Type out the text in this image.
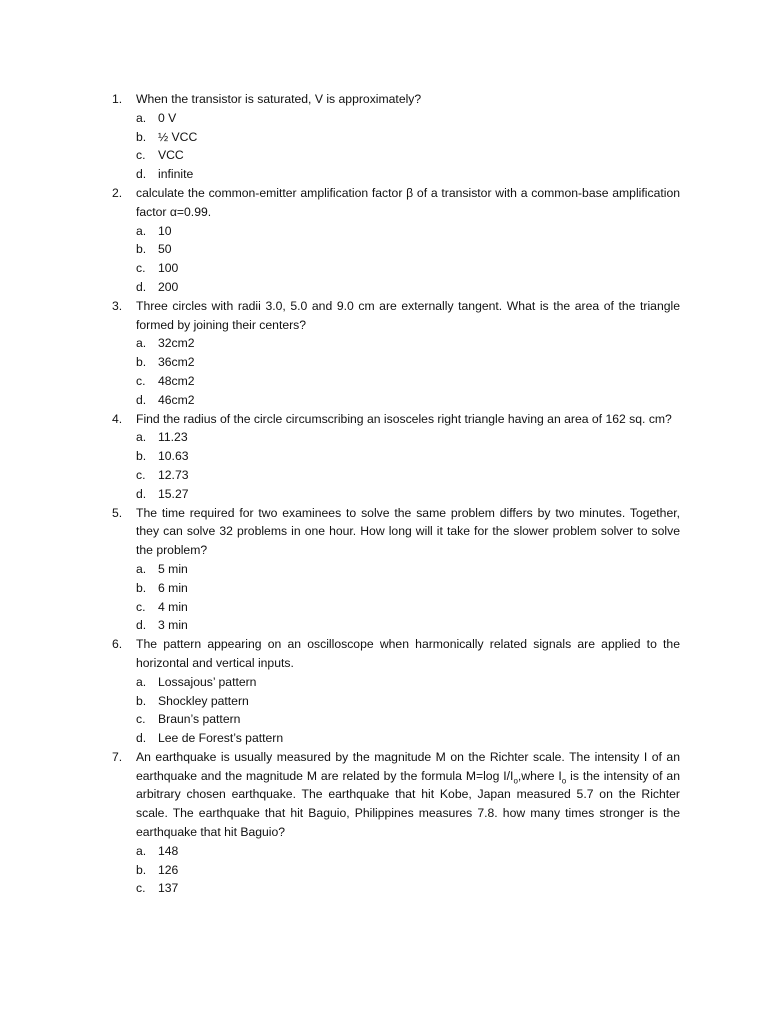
1.	When the transistor is saturated, V is approximately?
a. 0 V
b. ½ VCC
c. VCC
d. infinite
2.	calculate the common-emitter amplification factor β of a transistor with a common-base amplification factor α=0.99.
a. 10
b. 50
c. 100
d. 200
3.	Three circles with radii 3.0, 5.0 and 9.0 cm are externally tangent. What is the area of the triangle formed by joining their centers?
a. 32cm2
b. 36cm2
c. 48cm2
d. 46cm2
4.	Find the radius of the circle circumscribing an isosceles right triangle having an area of 162 sq. cm?
a. 11.23
b. 10.63
c. 12.73
d. 15.27
5.	The time required for two examinees to solve the same problem differs by two minutes. Together, they can solve 32 problems in one hour. How long will it take for the slower problem solver to solve the problem?
a. 5 min
b. 6 min
c. 4 min
d. 3 min
6.	The pattern appearing on an oscilloscope when harmonically related signals are applied to the horizontal and vertical inputs.
a. Lossajous’ pattern
b. Shockley pattern
c. Braun’s pattern
d. Lee de Forest’s pattern
7.	An earthquake is usually measured by the magnitude M on the Richter scale. The intensity I of an earthquake and the magnitude M are related by the formula M=log $I/I_o,where$ $I_o$ is the intensity of an arbitrary chosen earthquake. The earthquake that hit Kobe, Japan measured 5.7 on the Richter scale. The earthquake that hit Baguio, Philippines measures 7.8. how many times stronger is the earthquake that hit Baguio?
a. 148
b. 126
c. 137
